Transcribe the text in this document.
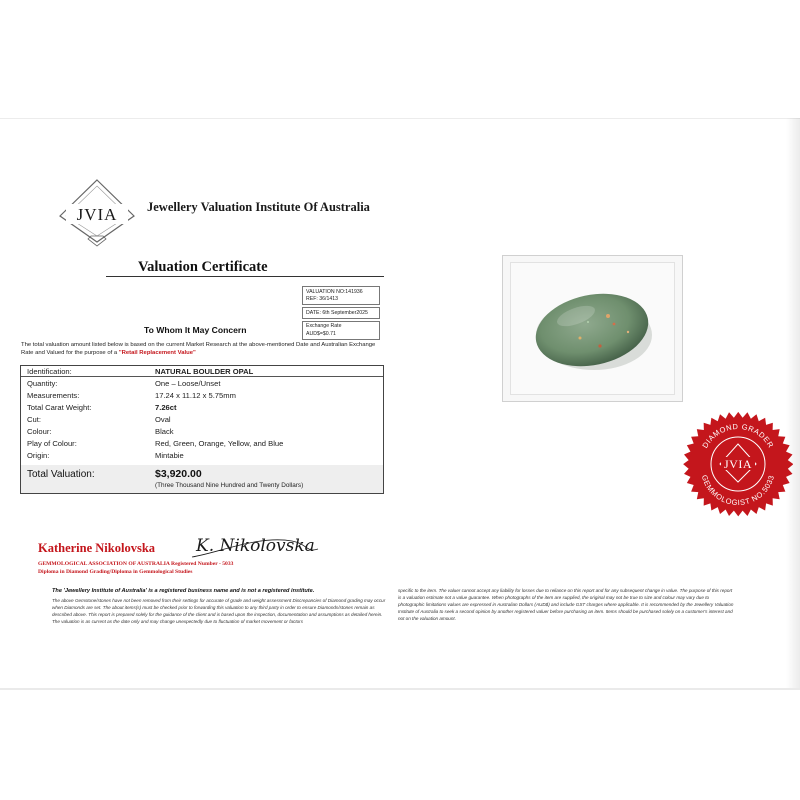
JVIA Jewellery Valuation Institute Of Australia
Valuation Certificate
VALUATION NO:141936
REF: 36/1413
DATE: 6th September2025
Exchange Rate
AUD$=$0.71
To Whom It May Concern
The total valuation amount listed below is based on the current Market Research at the above-mentioned Date and Australian Exchange Rate and Valued for the purpose of a "Retail Replacement Value"
Identification:	NATURAL BOULDER OPAL
Quantity:	One – Loose/Unset
Measurements:	17.24 x 11.12 x 5.75mm
Total Carat Weight:	7.26ct
Cut:	Oval
Colour:	Black
Play of Colour:	Red, Green, Orange, Yellow, and Blue
Origin:	Mintabie
Total Valuation:	$3,920.00
(Three Thousand Nine Hundred and Twenty Dollars)
DIAMOND GRADER
GEMMOLOGIST NO.5033
JVIA
Katherine Nikolovska K. Nikolovska
GEMMOLOGICAL ASSOCIATION OF AUSTRALIA Registered Number - 5033
Diploma in Diamond Grading/Diploma in Gemmological Studies
The 'Jewellery Institute of Australia' is a registered business name and is not a registered institute.
The above Gemstone/stones have not been removed from their settings for accurate of grade and weight assessment Discrepancies of Diamond grading may occur when Diamonds are set. The about items(s) must be checked prior to forwarding this valuation to any third party in order to ensure Diamonds/stones remain as described above. This report is prepared solely for the guidance of the client and is based upon the inspection, documentation and assumptions as detailed herein. The valuation is as current as the date only and may change unexpectedly due to fluctuation of market movement or factors
specific to the item. The valuer cannot accept any liability for losses due to reliance on this report and for any subsequent change in value. The purpose of this report is a valuation estimate not a value guarantee. When photographs of the item are supplied, the original may not be true to size and colour may vary due to photographic limitations values are expressed in Australian Dollars (AUD$) and include GST charges where applicable. It is recommended by the Jewellery Valuation Institute of Australia to seek a second opinion by another registered valuer before purchasing an item. Items should be purchased solely on a customer's interest and not on the valuation amount.
